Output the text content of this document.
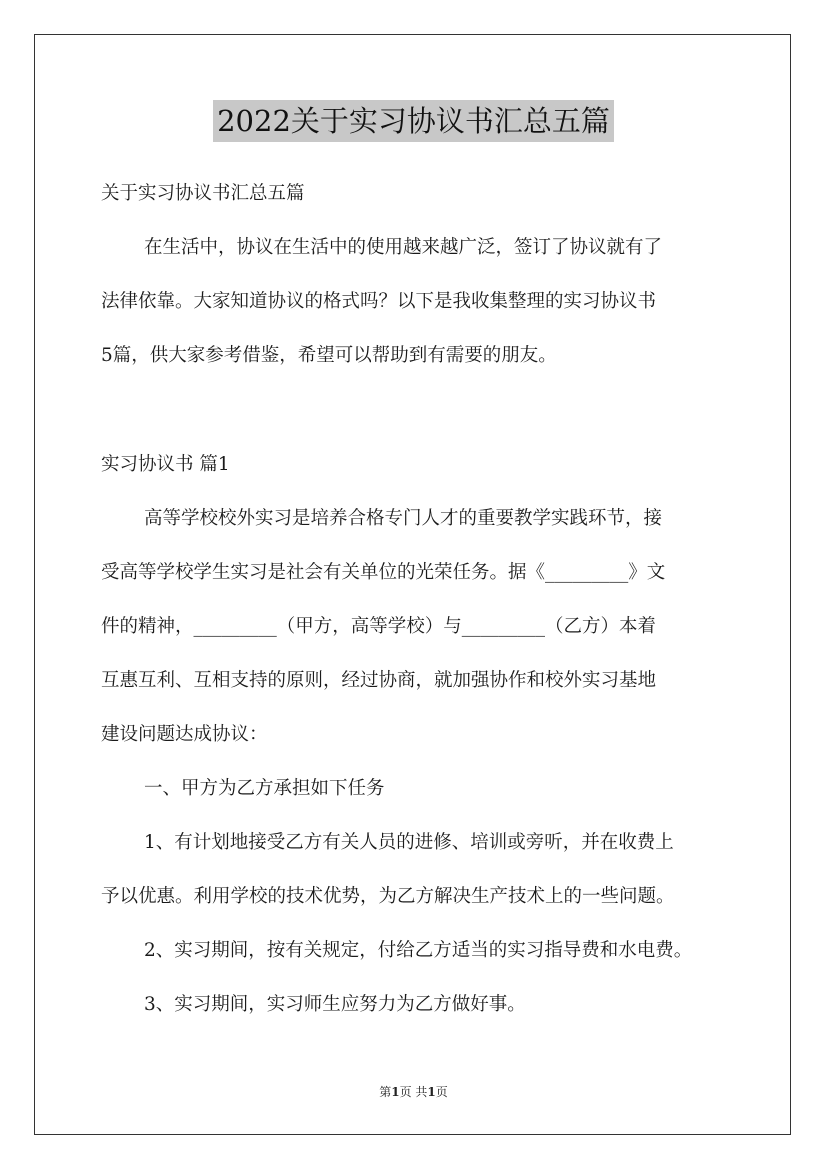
2022关于实习协议书汇总五篇
关于实习协议书汇总五篇
在生活中，协议在生活中的使用越来越广泛，签订了协议就有了
法律依靠。大家知道协议的格式吗？以下是我收集整理的实习协议书
5篇，供大家参考借鉴，希望可以帮助到有需要的朋友。
实习协议书 篇1
高等学校校外实习是培养合格专门人才的重要教学实践环节，接
受高等学校学生实习是社会有关单位的光荣任务。据《_________》文
件的精神，_________（甲方，高等学校）与_________（乙方）本着
互惠互利、互相支持的原则，经过协商，就加强协作和校外实习基地
建设问题达成协议：
一、甲方为乙方承担如下任务
1、有计划地接受乙方有关人员的进修、培训或旁听，并在收费上
予以优惠。利用学校的技术优势，为乙方解决生产技术上的一些问题。
2、实习期间，按有关规定，付给乙方适当的实习指导费和水电费。
3、实习期间，实习师生应努力为乙方做好事。
第1页 共1页
